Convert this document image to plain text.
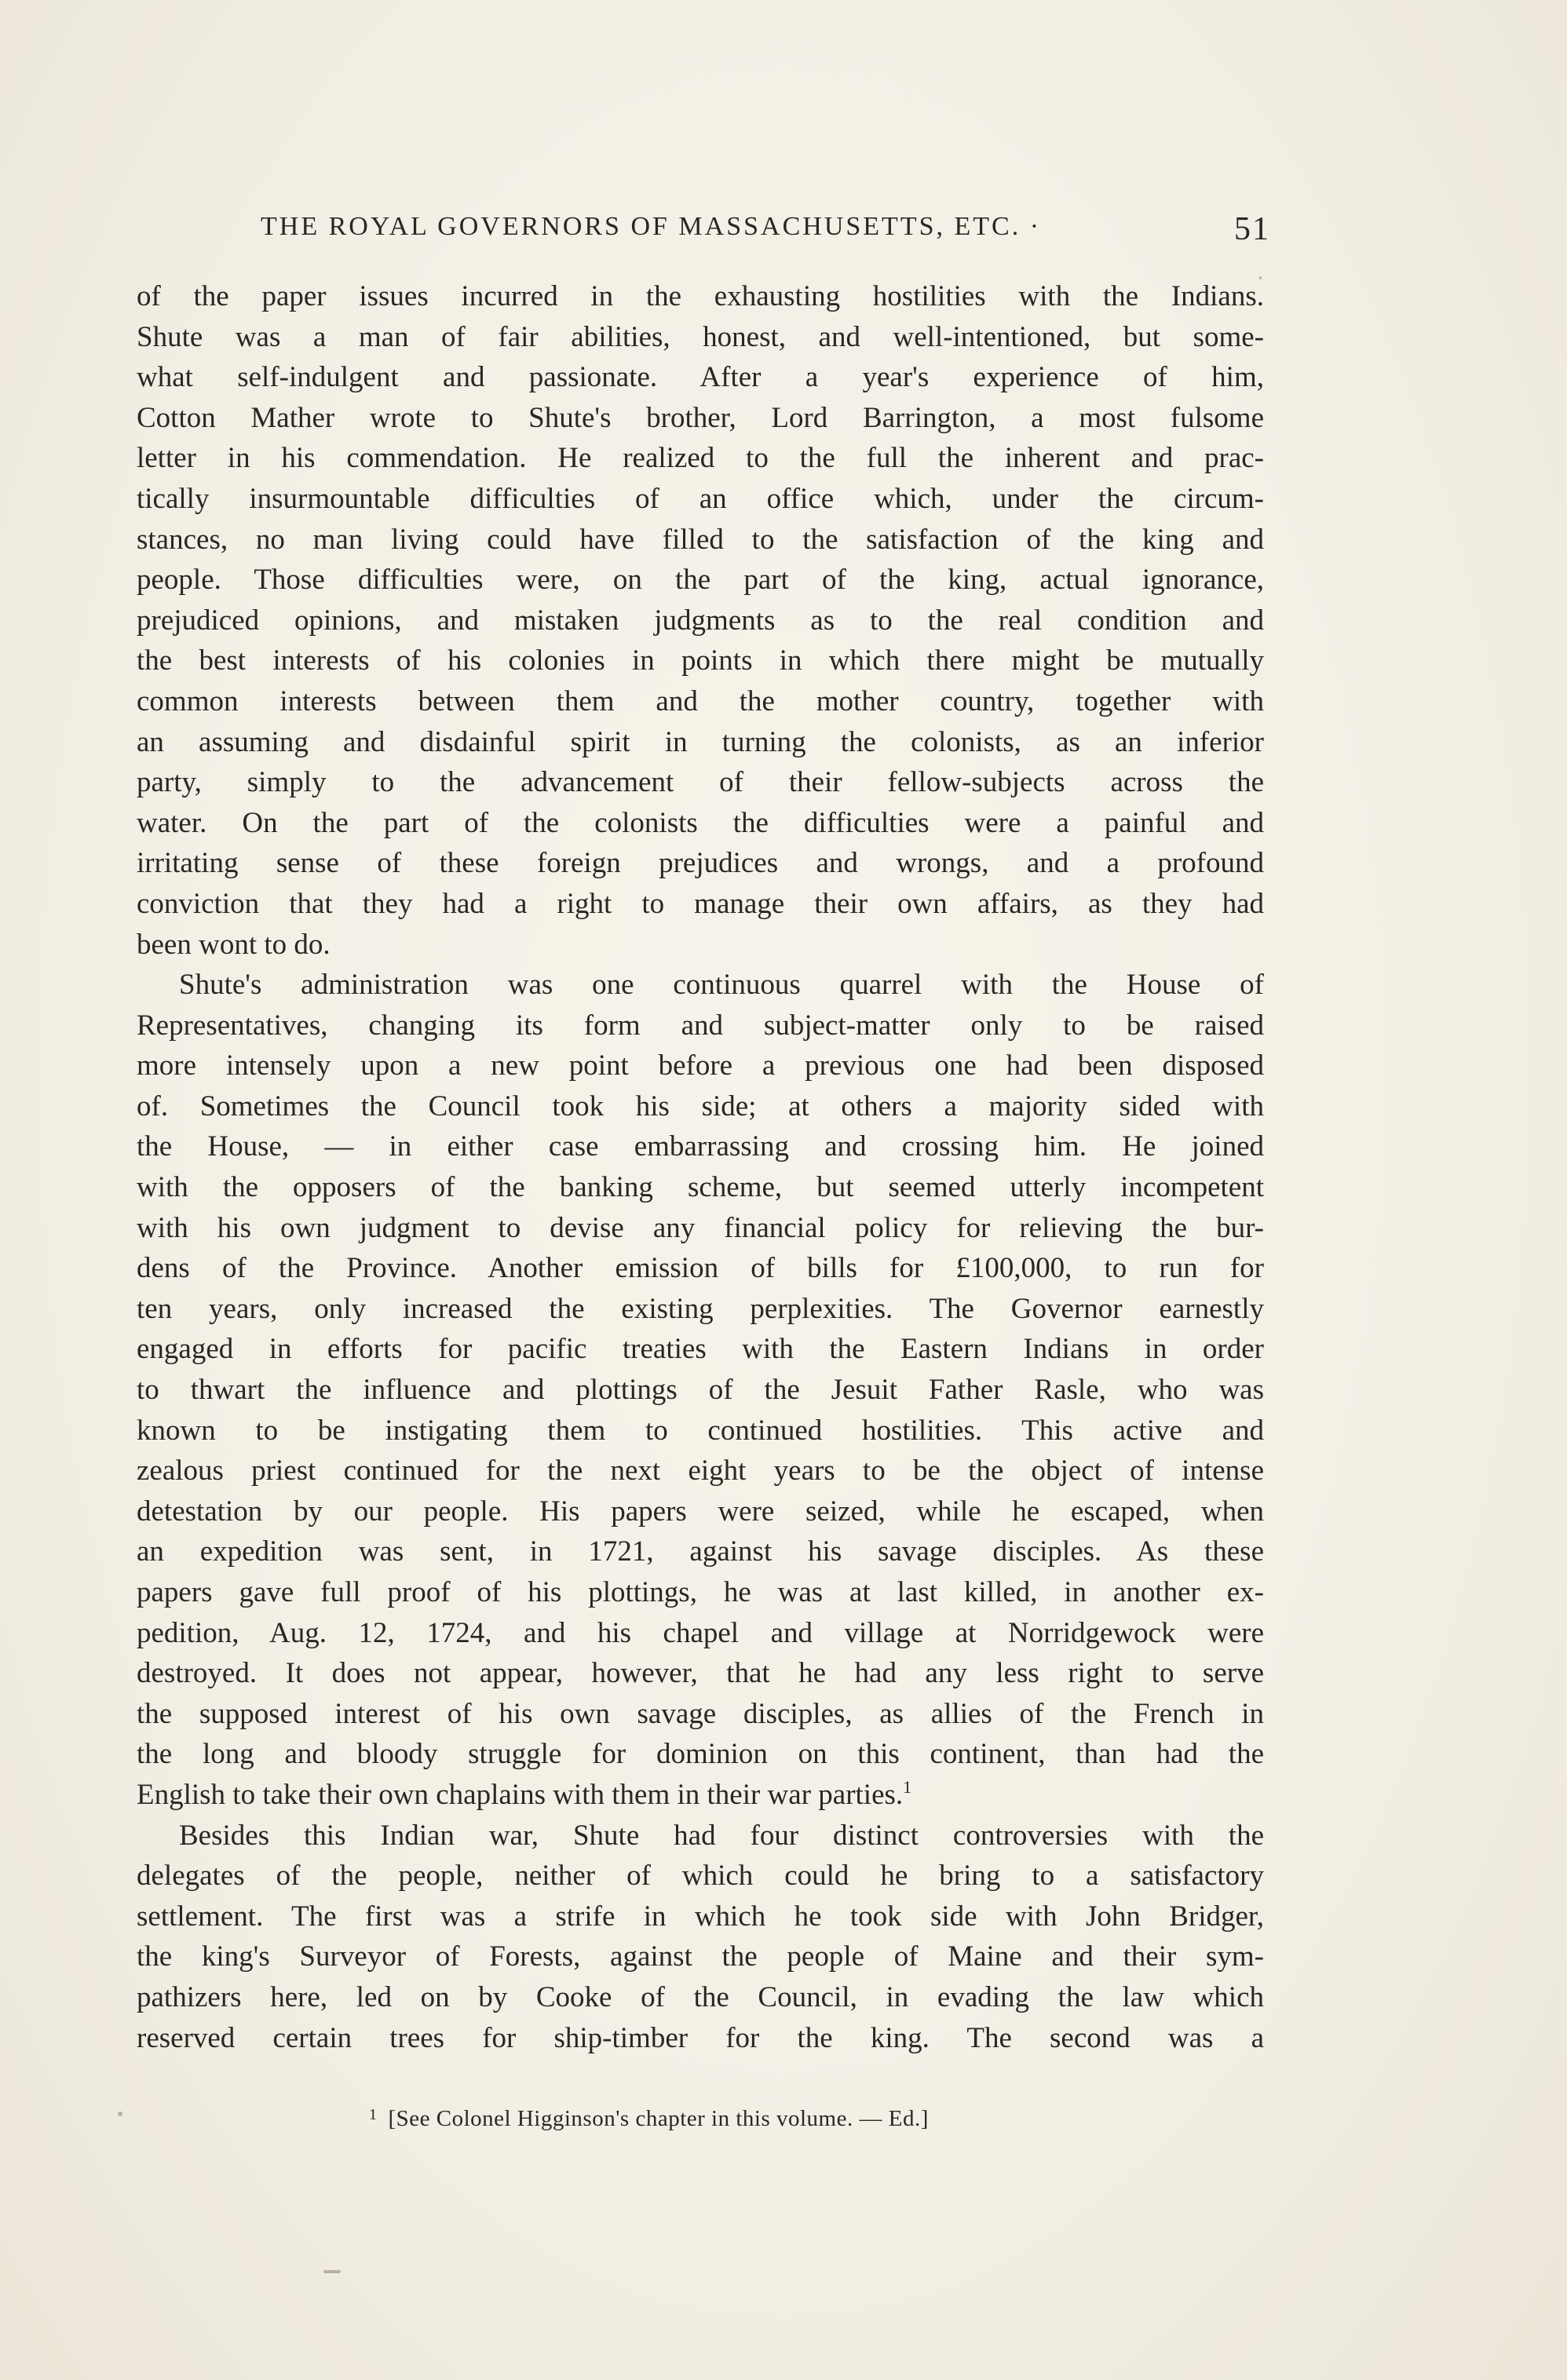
THE ROYAL GOVERNORS OF MASSACHUSETTS, ETC. ·	51
of the paper issues incurred in the exhausting hostilities with the Indians.
Shute was a man of fair abilities, honest, and well-intentioned, but some-
what self-indulgent and passionate. After a year's experience of him,
Cotton Mather wrote to Shute's brother, Lord Barrington, a most fulsome
letter in his commendation. He realized to the full the inherent and prac-
tically insurmountable difficulties of an office which, under the circum-
stances, no man living could have filled to the satisfaction of the king and
people. Those difficulties were, on the part of the king, actual ignorance,
prejudiced opinions, and mistaken judgments as to the real condition and
the best interests of his colonies in points in which there might be mutually
common interests between them and the mother country, together with
an assuming and disdainful spirit in turning the colonists, as an inferior
party, simply to the advancement of their fellow-subjects across the
water. On the part of the colonists the difficulties were a painful and
irritating sense of these foreign prejudices and wrongs, and a profound
conviction that they had a right to manage their own affairs, as they had
been wont to do.
Shute's administration was one continuous quarrel with the House of
Representatives, changing its form and subject-matter only to be raised
more intensely upon a new point before a previous one had been disposed
of. Sometimes the Council took his side; at others a majority sided with
the House, — in either case embarrassing and crossing him. He joined
with the opposers of the banking scheme, but seemed utterly incompetent
with his own judgment to devise any financial policy for relieving the bur-
dens of the Province. Another emission of bills for £100,000, to run for
ten years, only increased the existing perplexities. The Governor earnestly
engaged in efforts for pacific treaties with the Eastern Indians in order
to thwart the influence and plottings of the Jesuit Father Rasle, who was
known to be instigating them to continued hostilities. This active and
zealous priest continued for the next eight years to be the object of intense
detestation by our people. His papers were seized, while he escaped, when
an expedition was sent, in 1721, against his savage disciples. As these
papers gave full proof of his plottings, he was at last killed, in another ex-
pedition, Aug. 12, 1724, and his chapel and village at Norridgewock were
destroyed. It does not appear, however, that he had any less right to serve
the supposed interest of his own savage disciples, as allies of the French in
the long and bloody struggle for dominion on this continent, than had the
English to take their own chaplains with them in their war parties.$^1$
Besides this Indian war, Shute had four distinct controversies with the
delegates of the people, neither of which could he bring to a satisfactory
settlement. The first was a strife in which he took side with John Bridger,
the king's Surveyor of Forests, against the people of Maine and their sym-
pathizers here, led on by Cooke of the Council, in evading the law which
reserved certain trees for ship-timber for the king. The second was a
$^1$ [See Colonel Higginson's chapter in this volume. — Ed.]
